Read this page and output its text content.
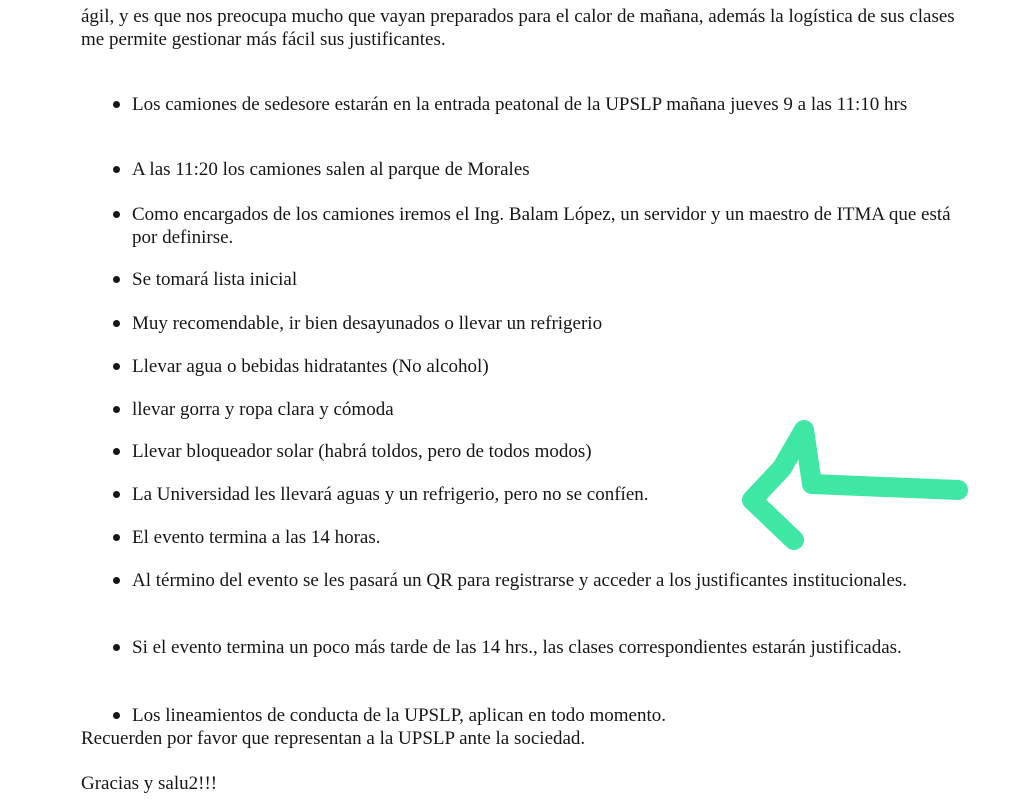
ágil, y es que nos preocupa mucho que vayan preparados para el calor de mañana, además la logística de sus clases me permite gestionar más fácil sus justificantes.

Los camiones de sedesore estarán en la entrada peatonal de la UPSLP mañana jueves 9 a las 11:10 hrs
A las 11:20 los camiones salen al parque de Morales
Como encargados de los camiones iremos el Ing. Balam López, un servidor y un maestro de ITMA que está por definirse.
Se tomará lista inicial
Muy recomendable, ir bien desayunados o llevar un refrigerio
Llevar agua o bebidas hidratantes (No alcohol)
llevar gorra y ropa clara y cómoda
Llevar bloqueador solar (habrá toldos, pero de todos modos)
La Universidad les llevará aguas y un refrigerio, pero no se confíen.
El evento termina a las 14 horas.
Al término del evento se les pasará un QR para registrarse y acceder a los justificantes institucionales.
Si el evento termina un poco más tarde de las 14 hrs., las clases correspondientes estarán justificadas.
Los lineamientos de conducta de la UPSLP, aplican en todo momento.

Recuerden por favor que representan a la UPSLP ante la sociedad.

Gracias y salu2!!!
